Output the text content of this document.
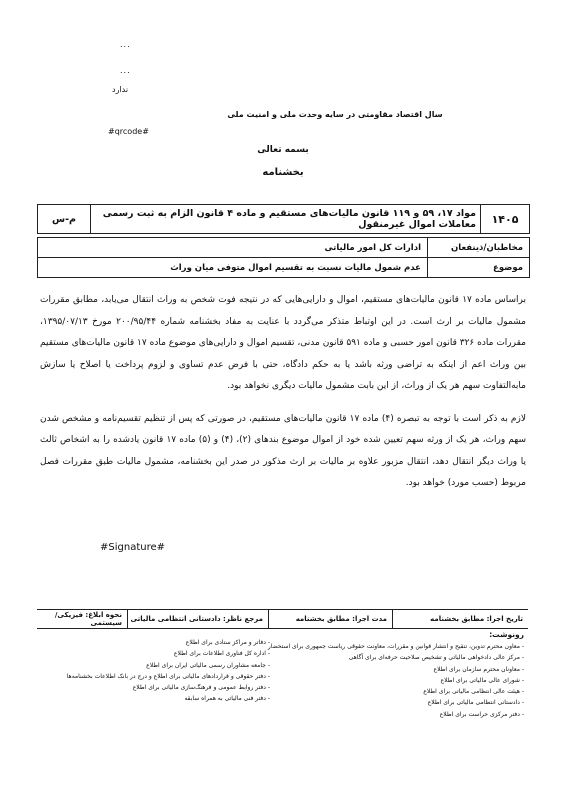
...
...
ندارد
سال اقتصاد مقاومتی در سایه وحدت ملی و امنیت ملی
#qrcode#
بسمه تعالی
بخشنامه
۱۴۰۵
مواد ۱۷، ۵۹ و ۱۱۹ قانون مالیات‌های مستقیم و ماده ۴ قانون الزام به ثبت رسمی معاملات اموال غیرمنقول
م-س
مخاطبان/ذینفعان
ادارات کل امور مالیاتی
موضوع
عدم شمول مالیات نسبت به تقسیم اموال متوفی میان وراث

براساس ماده ۱۷ قانون مالیات‌های مستقیم، اموال و دارایی‌هایی که در نتیجه فوت شخص به وراث انتقال می‌یابد، مطابق مقررات مشمول مالیات بر ارث است. در این اوتباط متذکر می‌گردد با عنایت به مفاد بخشنامه شماره ۲۰۰/۹۵/۴۴ مورخ ۱۳۹۵/۰۷/۱۳، مقررات ماده ۳۲۶ قانون امور حسبی و ماده ۵۹۱ قانون مدنی، تقسیم اموال و دارایی‌های موضوع ماده ۱۷ قانون مالیات‌های مستقیم بین وراث اعم از اینکه به تراضی ورثه باشد یا به حکم دادگاه، حتی با فرض عدم تساوی و لزوم پرداخت یا اصلاح یا سازش مابه‌التفاوت سهم هر یک از وراث، از این بابت مشمول مالیات دیگری نخواهد بود.

لازم به ذکر است با توجه به تبصره (۴) ماده ۱۷ قانون مالیات‌های مستقیم، در صورتی که پس از تنظیم تقسیم‌نامه و مشخص شدن سهم وراث، هر یک از ورثه سهم تعیین شده خود از اموال موضوع بندهای (۲)، (۴) و (۵) ماده ۱۷ قانون یادشده را به اشخاص ثالث یا وراث دیگر انتقال دهد، انتقال مزبور علاوه بر مالیات بر ارث مذکور در صدر این بخشنامه، مشمول مالیات طبق مقررات فصل مربوط (حسب مورد) خواهد بود.

#Signature#
تاریخ اجرا: مطابق بخشنامه
مدت اجرا: مطابق بخشنامه
مرجع ناظر: دادستانی انتظامی مالیاتی
نحوه ابلاغ: فیزیکی/سیستمی
رونوشت:
- معاون محترم تدوین، تنقیح و انتشار قوانین و مقررات، معاونت حقوقی ریاست جمهوری برای استحضار
- مرکز عالی دادخواهی مالیاتی و تشخیص صلاحیت حرفه‌ای برای آگاهی
- معاونان محترم سازمان برای اطلاع
- شورای عالی مالیاتی برای اطلاع
- هیئت عالی انتظامی مالیاتی برای اطلاع
- دادستانی انتظامی مالیاتی برای اطلاع
- دفتر مرکزی حراست برای اطلاع
- دفاتر و مراکز ستادی برای اطلاع
- اداره کل فناوری اطلاعات برای اطلاع
- جامعه مشاوران رسمی مالیاتی ایران برای اطلاع
- دفتر حقوقی و قراردادهای مالیاتی برای اطلاع و درج در بانک اطلاعات بخشنامه‌ها
- دفتر روابط عمومی و فرهنگ‌سازی مالیاتی برای اطلاع
- دفتر فنی مالیاتی به همراه سابقه
